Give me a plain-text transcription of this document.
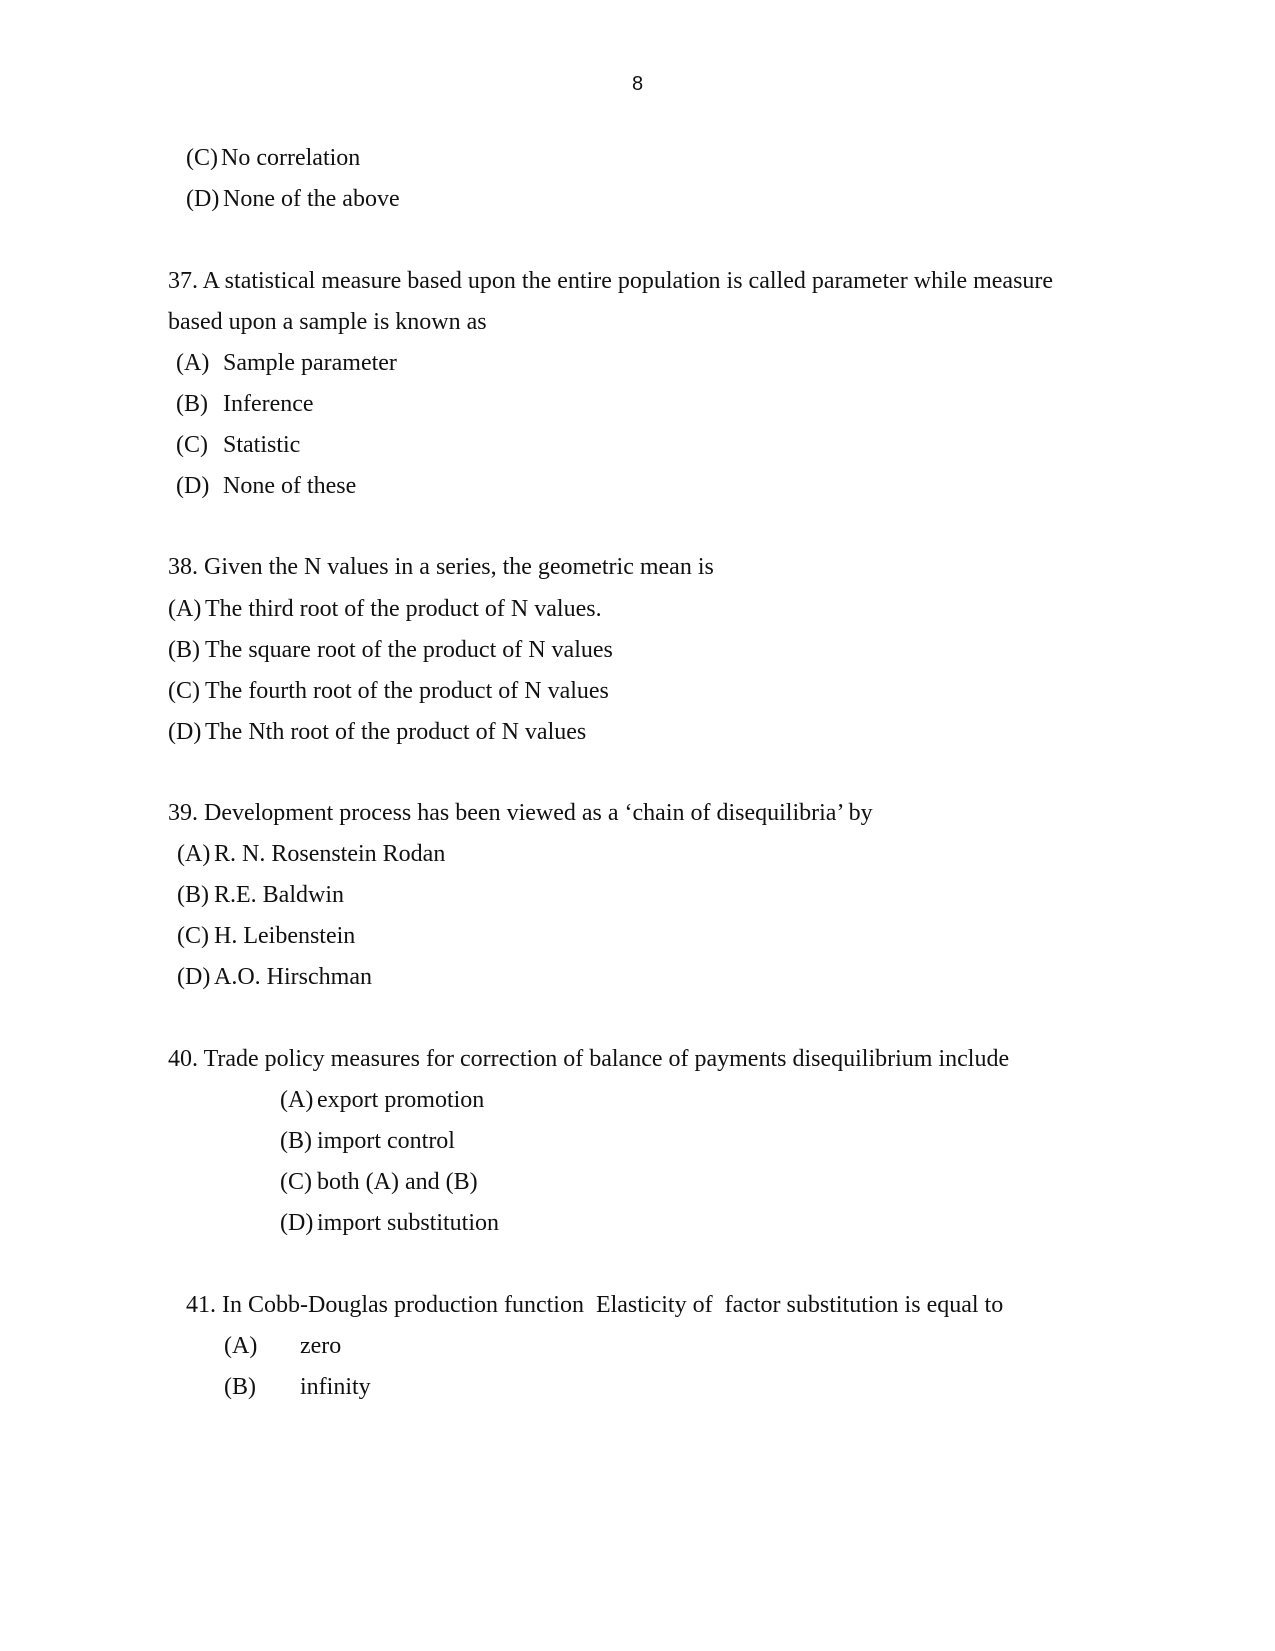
8
(C) No correlation
(D) None of the above
37. A statistical measure based upon the entire population is called parameter while measure
based upon a sample is known as
(A) Sample parameter
(B) Inference
(C) Statistic
(D) None of these
38. Given the N values in a series, the geometric mean is
(A) The third root of the product of N values.
(B) The square root of the product of N values
(C) The fourth root of the product of N values
(D) The Nth root of the product of N values
39. Development process has been viewed as a ‘chain of disequilibria’ by
(A) R. N. Rosenstein Rodan
(B) R.E. Baldwin
(C) H. Leibenstein
(D) A.O. Hirschman
40. Trade policy measures for correction of balance of payments disequilibrium include
(A) export promotion
(B) import control
(C) both (A) and (B)
(D) import substitution
41. In Cobb-Douglas production function  Elasticity of  factor substitution is equal to
(A) zero
(B) infinity
